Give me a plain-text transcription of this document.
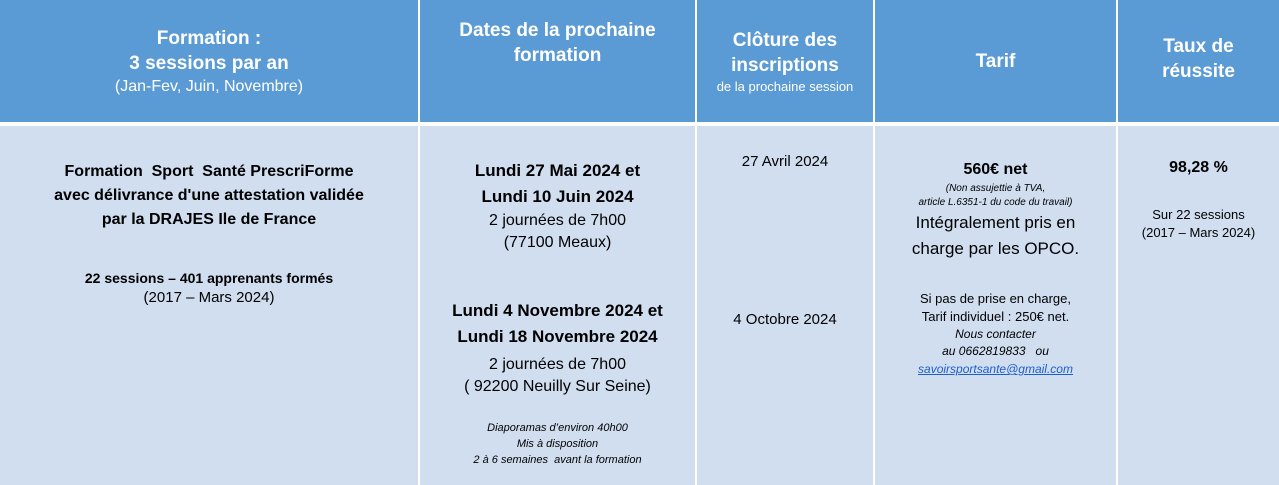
Formation :
3 sessions par an
(Jan-Fev, Juin, Novembre)
Dates de la prochaine
formation
Clôture des
inscriptions
de la prochaine session
Tarif
Taux de
réussite
Formation  Sport  Santé PrescriForme
avec délivrance d'une attestation validée
par la DRAJES Ile de France
22 sessions – 401 apprenants formés
(2017 – Mars 2024)
Lundi 27 Mai 2024 et
Lundi 10 Juin 2024
2 journées de 7h00
(77100 Meaux)
Lundi 4 Novembre 2024 et
Lundi 18 Novembre 2024
2 journées de 7h00
( 92200 Neuilly Sur Seine)
Diaporamas d’environ 40h00
Mis à disposition
2 à 6 semaines  avant la formation
27 Avril 2024
4 Octobre 2024
560€ net
(Non assujettie à TVA,
article L.6351-1 du code du travail)
Intégralement pris en
charge par les OPCO.
Si pas de prise en charge,
Tarif individuel : 250€ net.
Nous contacter
au 0662819833   ou
savoirsportsante@gmail.com
98,28 %
Sur 22 sessions
(2017 – Mars 2024)
